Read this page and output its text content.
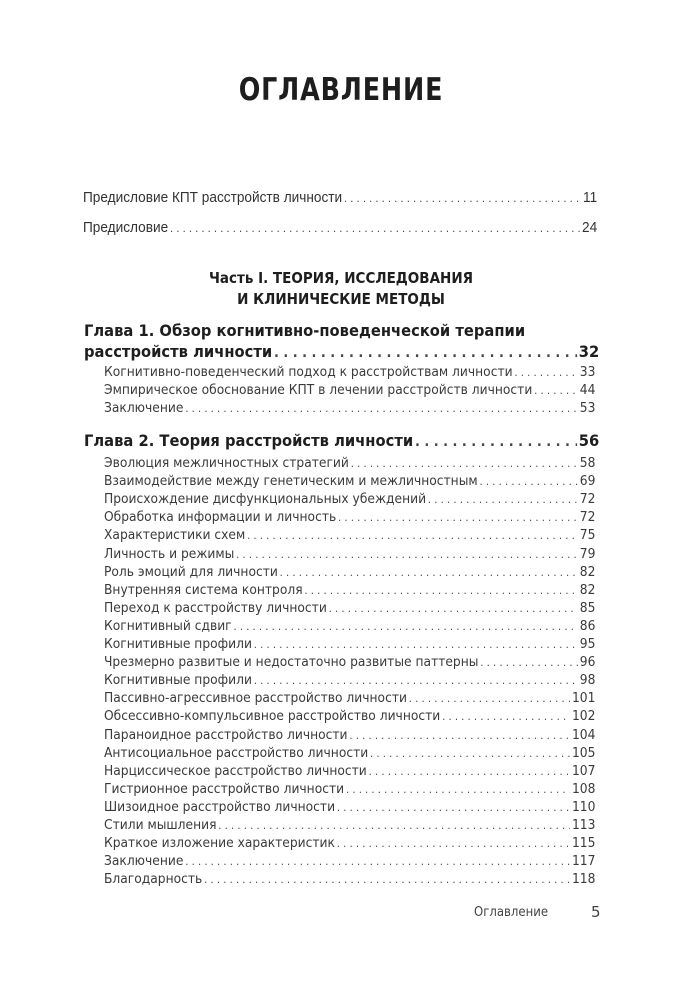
ОГЛАВЛЕНИЕ
Предисловие КПТ расстройств личности . . .	11
Предисловие . . .	24
Часть I. ТЕОРИЯ, ИССЛЕДОВАНИЯ
И КЛИНИЧЕСКИЕ МЕТОДЫ
Глава 1. Обзор когнитивно-поведенческой терапии
расстройств личности . . .	32
Когнитивно-поведенческий подход к расстройствам личности . . .	33
Эмпирическое обоснование КПТ в лечении расстройств личности . . .	44
Заключение . . .	53
Глава 2. Теория расстройств личности . . .	56
Эволюция межличностных стратегий . . .	58
Взаимодействие между генетическим и межличностным . . .	69
Происхождение дисфункциональных убеждений . . .	72
Обработка информации и личность . . .	72
Характеристики схем . . .	75
Личность и режимы . . .	79
Роль эмоций для личности . . .	82
Внутренняя система контроля . . .	82
Переход к расстройству личности . . .	85
Когнитивный сдвиг . . .	86
Когнитивные профили . . .	95
Чрезмерно развитые и недостаточно развитые паттерны . . .	96
Когнитивные профили . . .	98
Пассивно-агрессивное расстройство личности . . .	101
Обсессивно-компульсивное расстройство личности . . .	102
Параноидное расстройство личности . . .	104
Антисоциальное расстройство личности . . .	105
Нарциссическое расстройство личности . . .	107
Гистрионное расстройство личности . . .	108
Шизоидное расстройство личности . . .	110
Стили мышления . . .	113
Краткое изложение характеристик . . .	115
Заключение . . .	117
Благодарность . . .	118
Оглавление	5
